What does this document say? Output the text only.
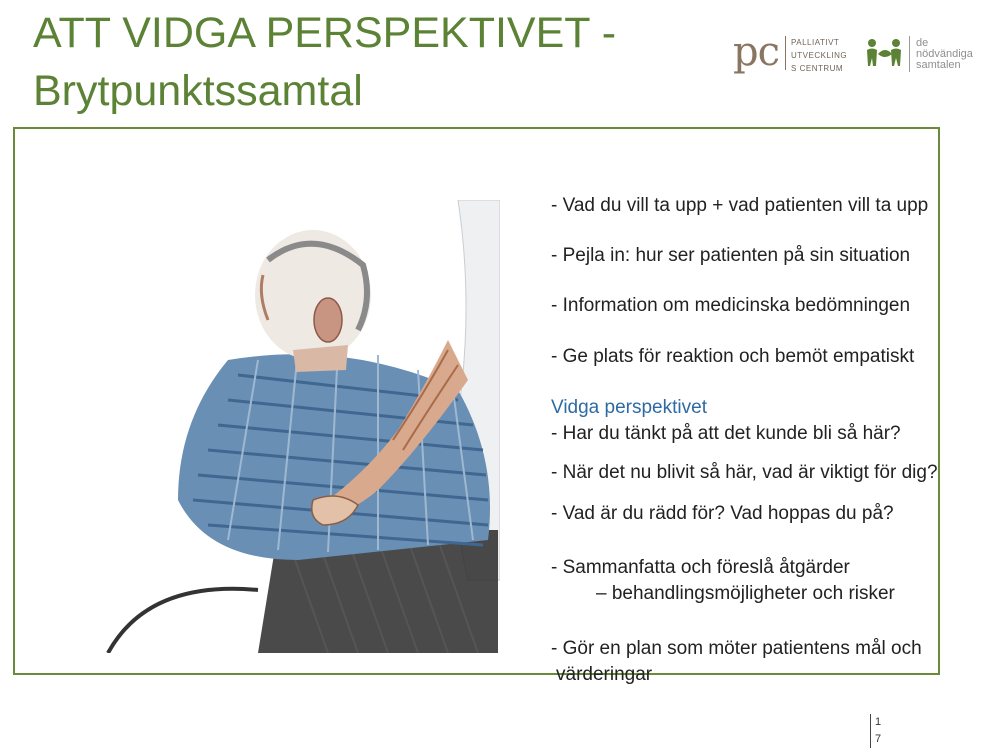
ATT VIDGA PERSPEKTIVET -
Brytpunktssamtal
pc PALLIATIVT
UTVECKLING
S CENTRUM
de
nödvändiga
samtalen
- Vad du vill ta upp + vad patienten vill ta upp
- Pejla in: hur ser patienten på sin situation
- Information om medicinska bedömningen
- Ge plats för reaktion och bemöt empatiskt
Vidga perspektivet
- Har du tänkt på att det kunde bli så här?
- När det nu blivit så här, vad är viktigt för dig?
- Vad är du rädd för? Vad hoppas du på?
- Sammanfatta och föreslå åtgärder
– behandlingsmöjligheter och risker
- Gör en plan som möter patientens mål och
värderingar
1
7
